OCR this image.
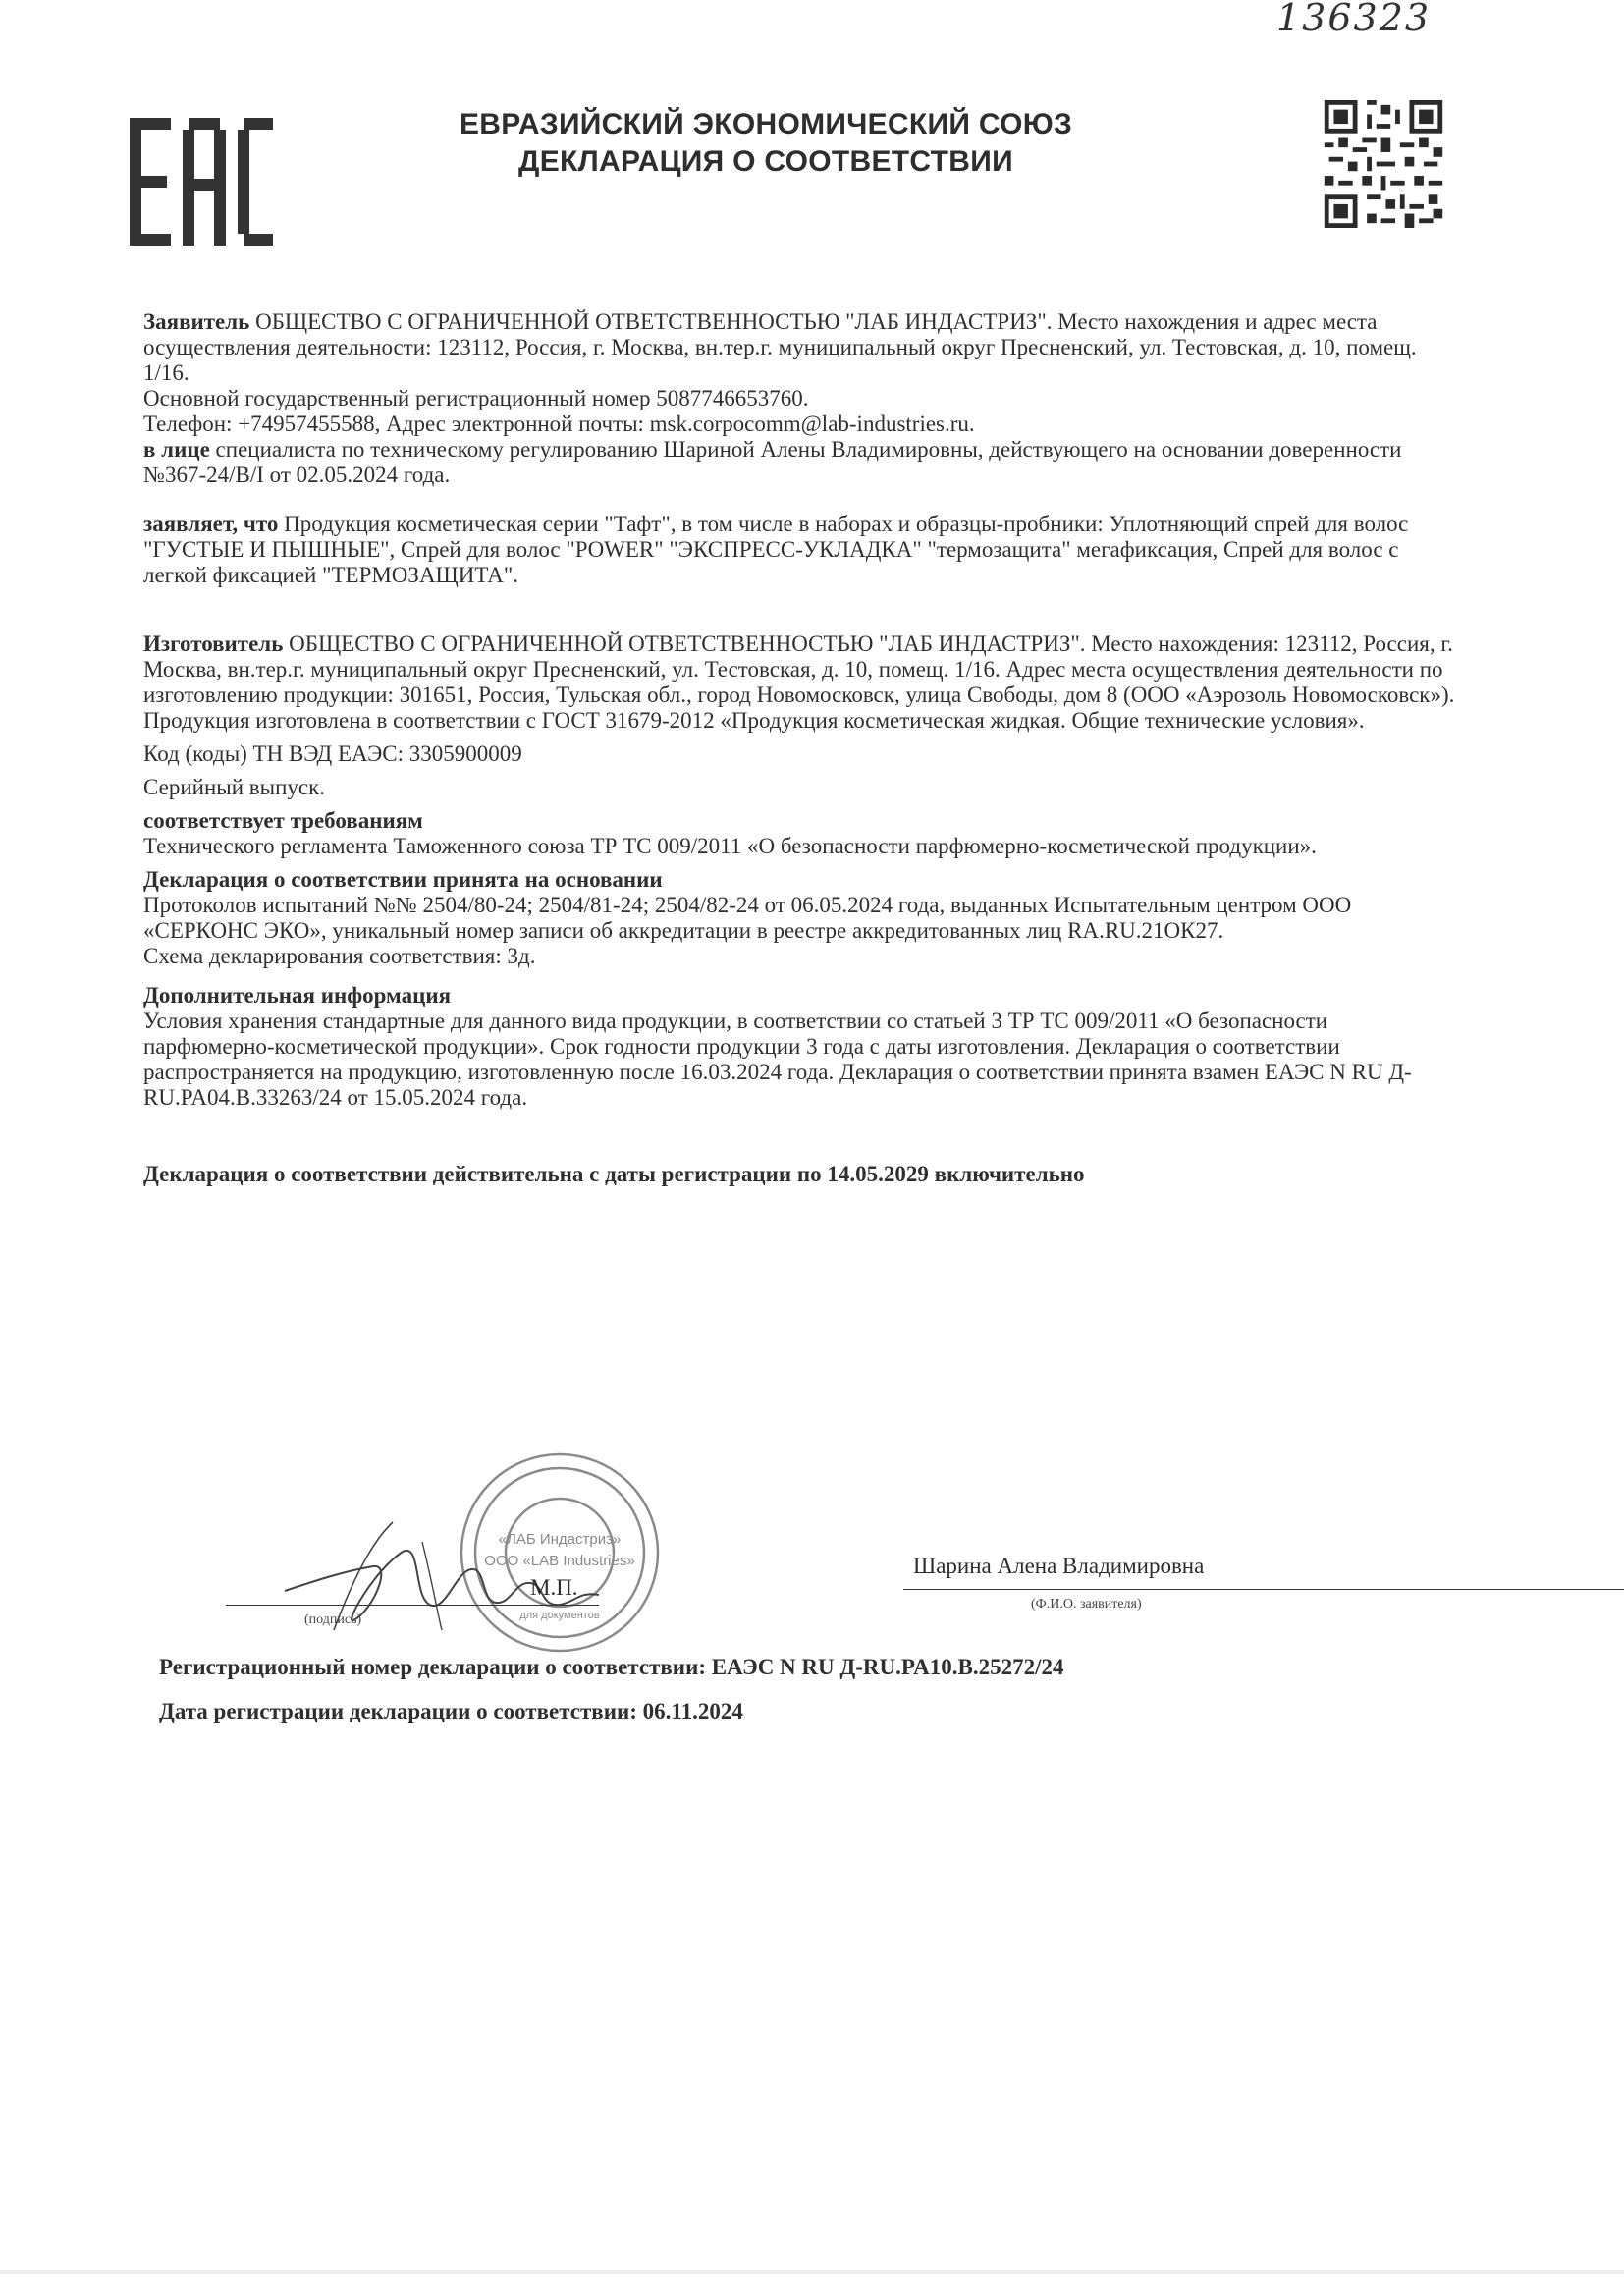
136323
ЕВРАЗИЙСКИЙ ЭКОНОМИЧЕСКИЙ СОЮЗ
ДЕКЛАРАЦИЯ О СООТВЕТСТВИИ

Заявитель ОБЩЕСТВО С ОГРАНИЧЕННОЙ ОТВЕТСТВЕННОСТЬЮ "ЛАБ ИНДАСТРИЗ". Место нахождения и адрес места осуществления деятельности: 123112, Россия, г. Москва, вн.тер.г. муниципальный округ Пресненский, ул. Тестовская, д. 10, помещ. 1/16.

Основной государственный регистрационный номер 5087746653760.

Телефон: +74957455588, Адрес электронной почты: msk.corpocomm@lab-industries.ru.

в лице специалиста по техническому регулированию Шариной Алены Владимировны, действующего на основании доверенности №367-24/В/I от 02.05.2024 года.

заявляет, что Продукция косметическая серии "Тафт", в том числе в наборах и образцы-пробники: Уплотняющий спрей для волос "ГУСТЫЕ И ПЫШНЫЕ", Спрей для волос "POWER" "ЭКСПРЕСС-УКЛАДКА" "термозащита" мегафиксация, Спрей для волос с легкой фиксацией "ТЕРМОЗАЩИТА".

Изготовитель ОБЩЕСТВО С ОГРАНИЧЕННОЙ ОТВЕТСТВЕННОСТЬЮ "ЛАБ ИНДАСТРИЗ". Место нахождения: 123112, Россия, г. Москва, вн.тер.г. муниципальный округ Пресненский, ул. Тестовская, д. 10, помещ. 1/16. Адрес места осуществления деятельности по изготовлению продукции: 301651, Россия, Тульская обл., город Новомосковск, улица Свободы, дом 8 (ООО «Аэрозоль Новомосковск»).

Продукция изготовлена в соответствии с ГОСТ 31679-2012 «Продукция косметическая жидкая. Общие технические условия».

Код (коды) ТН ВЭД ЕАЭС: 3305900009

Серийный выпуск.

соответствует требованиям

Технического регламента Таможенного союза ТР ТС 009/2011 «О безопасности парфюмерно-косметической продукции».

Декларация о соответствии принята на основании

Протоколов испытаний №№ 2504/80-24; 2504/81-24; 2504/82-24 от 06.05.2024 года, выданных Испытательным центром ООО «СЕРКОНС ЭКО», уникальный номер записи об аккредитации в реестре аккредитованных лиц RA.RU.21ОК27.

Схема декларирования соответствия: 3д.

Дополнительная информация

Условия хранения стандартные для данного вида продукции, в соответствии со статьей 3 ТР ТС 009/2011 «О безопасности парфюмерно-косметической продукции». Срок годности продукции 3 года с даты изготовления. Декларация о соответствии распространяется на продукцию, изготовленную после 16.03.2024 года. Декларация о соответствии принята взамен ЕАЭС N RU Д-RU.PA04.B.33263/24 от 15.05.2024 года.

Декларация о соответствии действительна с даты регистрации по 14.05.2029 включительно

«ЛАБ Индастриз»
ООО «LAB Industries»
для документов
М.П.
Шарина Алена Владимировна
(подпись)
(Ф.И.О. заявителя)
Регистрационный номер декларации о соответствии: ЕАЭС N RU Д-RU.PA10.B.25272/24
Дата регистрации декларации о соответствии: 06.11.2024
